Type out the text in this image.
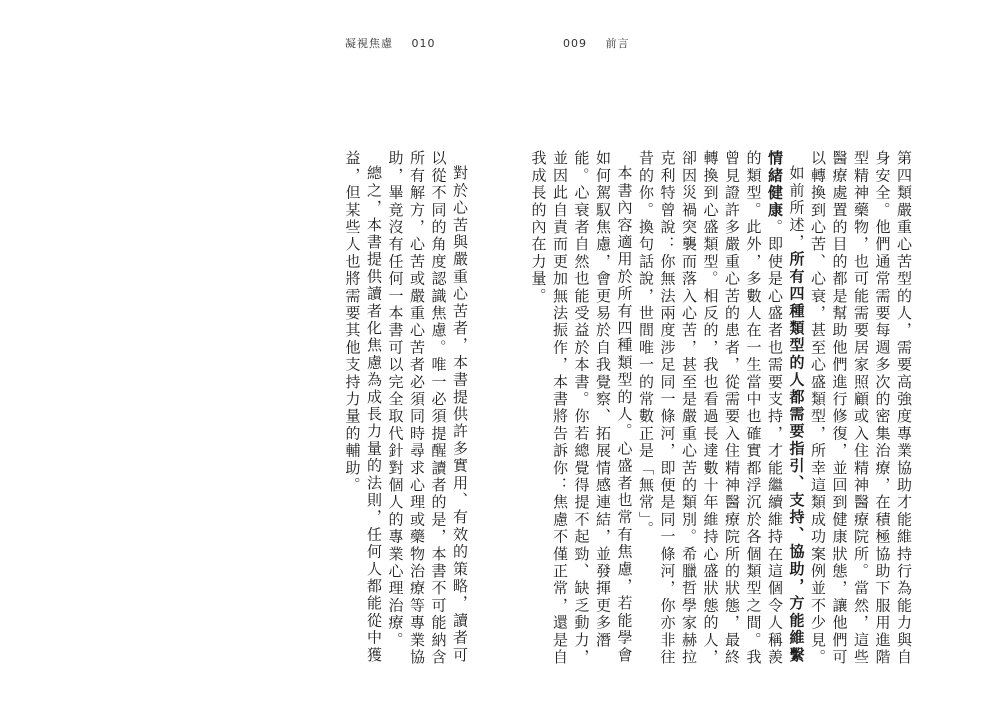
凝視焦慮 010	009 前言

第四類嚴重心苦型的人，需要高強度專業協助才能維持行為能力與自身安全。他們通常需要每週多次的密集治療，在積極協助下服用進階型精神藥物，也可能需要居家照顧或入住精神醫療院所。當然，這些醫療處置的目的都是幫助他們進行修復，並回到健康狀態，讓他們可以轉換到心苦、心衰，甚至心盛類型，所幸這類成功案例並不少見。

如前所述，所有四種類型的人都需要指引、支持、協助，方能維繫情緒健康。即使是心盛者也需要支持，才能繼續維持在這個令人稱羨的類型。此外，多數人在一生當中也確實都浮沉於各個類型之間。我曾見證許多嚴重心苦的患者，從需要入住精神醫療院所的狀態，最終轉換到心盛類型。相反的，我也看過長達數十年維持心盛狀態的人，卻因災禍突襲而落入心苦，甚至是嚴重心苦的類別。希臘哲學家赫拉克利特曾說：你無法兩度涉足同一條河，即便是同一條河，你亦非往昔的你。換句話說，世間唯一的常數正是「無常」。

本書內容適用於所有四種類型的人。心盛者也常有焦慮，若能學會如何駕馭焦慮，會更易於自我覺察、拓展情感連結，並發揮更多潛能。心衰者自然也能受益於本書。你若總覺得提不起勁、缺乏動力，並因此自責而更加無法振作，本書將告訴你：焦慮不僅正常，還是自我成長的內在力量。

對於心苦與嚴重心苦者，本書提供許多實用、有效的策略，讀者可以從不同的角度認識焦慮。唯一必須提醒讀者的是，本書不可能納含所有解方，心苦或嚴重心苦者必須同時尋求心理或藥物治療等專業協助，畢竟沒有任何一本書可以完全取代針對個人的專業心理治療。

總之，本書提供讀者化焦慮為成長力量的法則，任何人都能從中獲益，但某些人也將需要其他支持力量的輔助。
